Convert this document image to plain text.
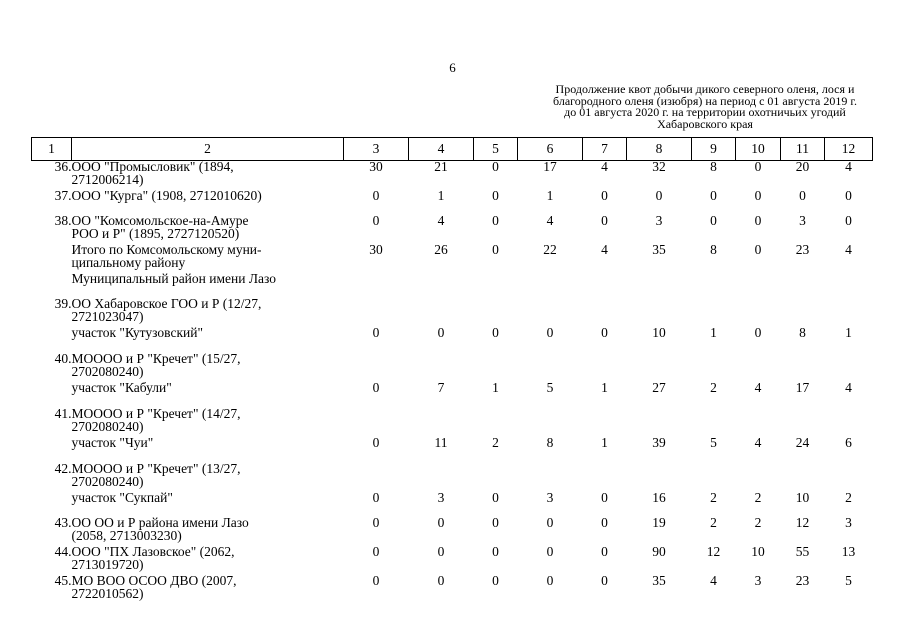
6
Продолжение квот добычи дикого северного оленя, лося и
благородного оленя (изюбря) на период с 01 августа 2019 г.
до 01 августа 2020 г. на территории охотничьих угодий
Хабаровского края
1	2	3	4	5	6	7	8	9	10	11	12
36.	ООО "Промысловик" (1894,
2712006214)	30	21	0	17	4	32	8	0	20	4
37.	ООО "Курга" (1908, 2712010620)	0	1	0	1	0	0	0	0	0	0
38.	ОО "Комсомольское-на-Амуре
РОО и Р" (1895, 2727120520)	0	4	0	4	0	3	0	0	3	0

	Итого по Комсомольскому муни-
ципальному району	30	26	0	22	4	35	8	0	23	4

	Муниципальный район имени Лазо										

39.	ОО Хабаровское ГОО и Р (12/27,
2721023047)										

	участок "Кутузовский"	0	0	0	0	0	10	1	0	8	1
40.	МОООО и Р "Кречет" (15/27,
2702080240)										

	участок "Кабули"	0	7	1	5	1	27	2	4	17	4
41.	МОООО и Р "Кречет" (14/27,
2702080240)										

	участок "Чуи"	0	11	2	8	1	39	5	4	24	6
42.	МОООО и Р "Кречет" (13/27,
2702080240)										

	участок "Сукпай"	0	3	0	3	0	16	2	2	10	2
43.	ОО ОО и Р района имени Лазо
(2058, 2713003230)	0	0	0	0	0	19	2	2	12	3
44.	ООО "ПХ Лазовское" (2062,
2713019720)	0	0	0	0	0	90	12	10	55	13
45.	МО ВОО ОСОО ДВО (2007,
2722010562)	0	0	0	0	0	35	4	3	23	5
